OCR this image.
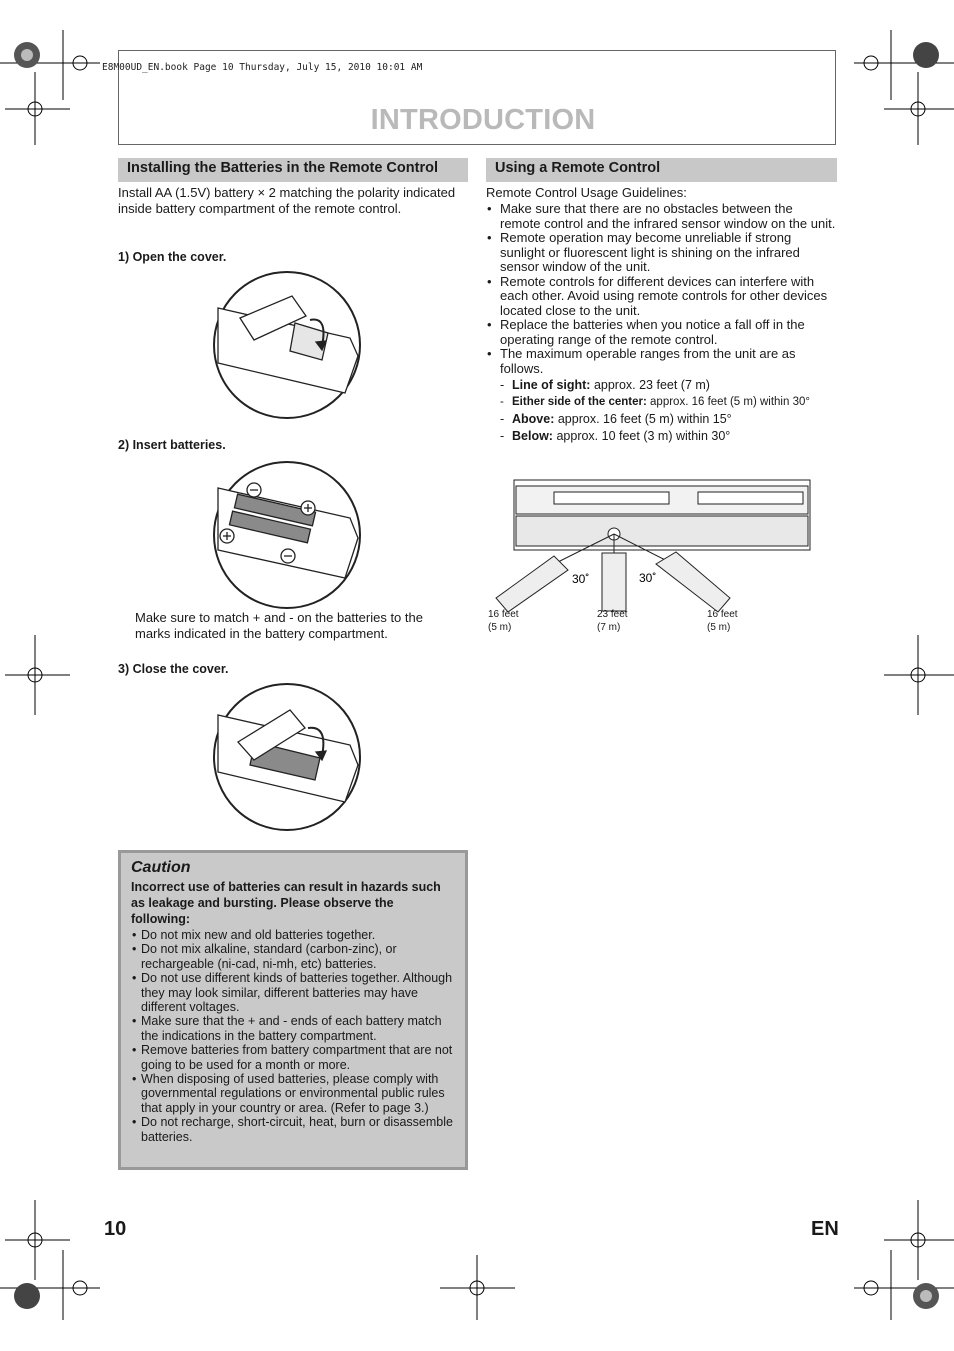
E8M00UD_EN.book Page 10 Thursday, July 15, 2010 10:01 AM
INTRODUCTION
Installing the Batteries in the Remote Control
Install AA (1.5V) battery × 2 matching the polarity indicated inside battery compartment of the remote control.
1) Open the cover.
2) Insert batteries.
Make sure to match + and - on the batteries to the marks indicated in the battery compartment.
3) Close the cover.
Caution
Incorrect use of batteries can result in hazards such as leakage and bursting. Please observe the following:
• Do not mix new and old batteries together.
• Do not mix alkaline, standard (carbon-zinc), or rechargeable (ni-cad, ni-mh, etc) batteries.
• Do not use different kinds of batteries together. Although they may look similar, different batteries may have different voltages.
• Make sure that the + and - ends of each battery match the indications in the battery compartment.
• Remove batteries from battery compartment that are not going to be used for a month or more.
• When disposing of used batteries, please comply with governmental regulations or environmental public rules that apply in your country or area. (Refer to page 3.)
• Do not recharge, short-circuit, heat, burn or disassemble batteries.
Using a Remote Control
Remote Control Usage Guidelines:
• Make sure that there are no obstacles between the remote control and the infrared sensor window on the unit.
• Remote operation may become unreliable if strong sunlight or fluorescent light is shining on the infrared sensor window of the unit.
• Remote controls for different devices can interfere with each other. Avoid using remote controls for other devices located close to the unit.
• Replace the batteries when you notice a fall off in the operating range of the remote control.
• The maximum operable ranges from the unit are as follows.
- Line of sight: approx. 23 feet (7 m)
- Either side of the center: approx. 16 feet (5 m) within 30°
- Above: approx. 16 feet (5 m) within 15°
- Below: approx. 10 feet (3 m) within 30°
30˚	30˚
16 feet
(5 m)
23 feet
(7 m)
16 feet
(5 m)
10	EN
